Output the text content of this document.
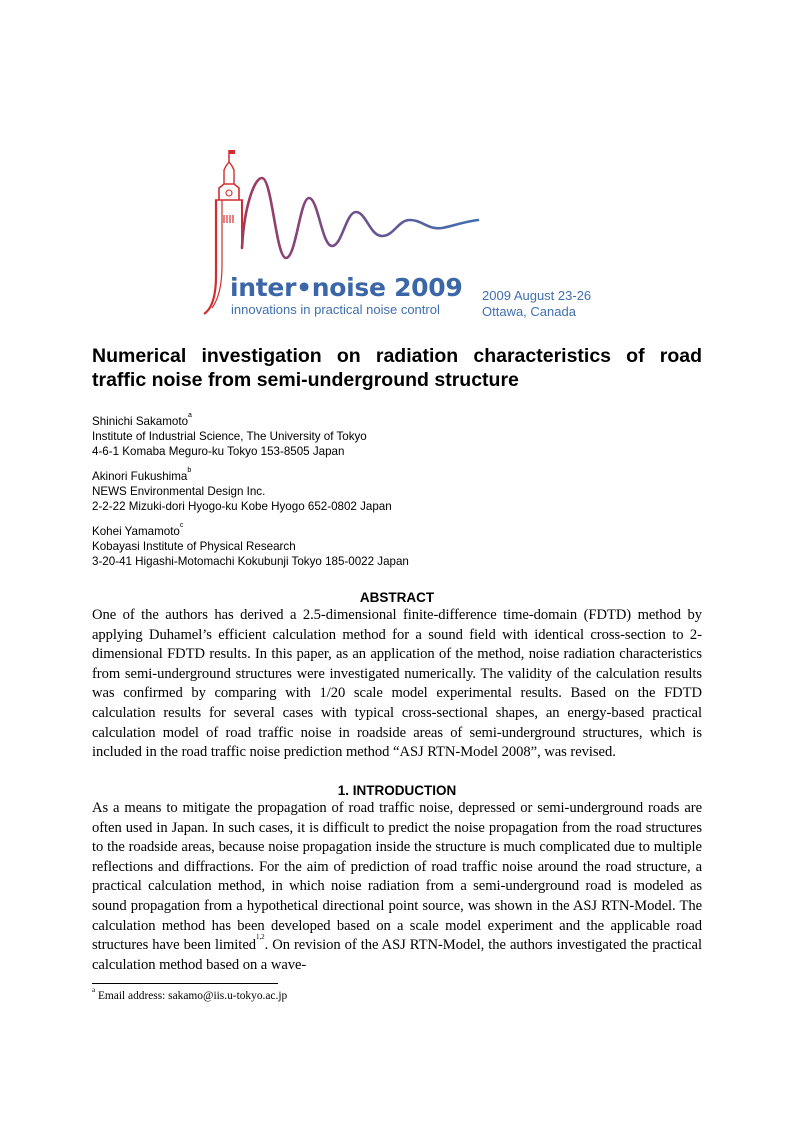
inter•noise 2009
innovations in practical noise control
2009 August 23-26
Ottawa, Canada
Numerical investigation on radiation characteristics of road traffic noise from semi-underground structure
Shinichi Sakamoto$^a$
Institute of Industrial Science, The University of Tokyo
4-6-1 Komaba Meguro-ku Tokyo 153-8505 Japan
Akinori Fukushima$^b$
NEWS Environmental Design Inc.
2-2-22 Mizuki-dori Hyogo-ku Kobe Hyogo 652-0802 Japan
Kohei Yamamoto$^c$
Kobayasi Institute of Physical Research
3-20-41 Higashi-Motomachi Kokubunji Tokyo 185-0022 Japan
ABSTRACT

One of the authors has derived a 2.5-dimensional finite-difference time-domain (FDTD) method by applying Duhamel’s efficient calculation method for a sound field with identical cross-section to 2-dimensional FDTD results. In this paper, as an application of the method, noise radiation characteristics from semi-underground structures were investigated numerically. The validity of the calculation results was confirmed by comparing with 1/20 scale model experimental results. Based on the FDTD calculation results for several cases with typical cross-sectional shapes, an energy-based practical calculation model of road traffic noise in roadside areas of semi-underground structures, which is included in the road traffic noise prediction method “ASJ RTN-Model 2008”, was revised.

1. INTRODUCTION

As a means to mitigate the propagation of road traffic noise, depressed or semi-underground roads are often used in Japan. In such cases, it is difficult to predict the noise propagation from the road structures to the roadside areas, because noise propagation inside the structure is much complicated due to multiple reflections and diffractions. For the aim of prediction of road traffic noise around the road structure, a practical calculation method, in which noise radiation from a semi-underground road is modeled as sound propagation from a hypothetical directional point source, was shown in the ASJ RTN-Model. The calculation method has been developed based on a scale model experiment and the applicable road structures have been limited$^{1,2}$. On revision of the ASJ RTN-Model, the authors investigated the practical calculation method based on a wave-

$^a$ Email address: sakamo@iis.u-tokyo.ac.jp
